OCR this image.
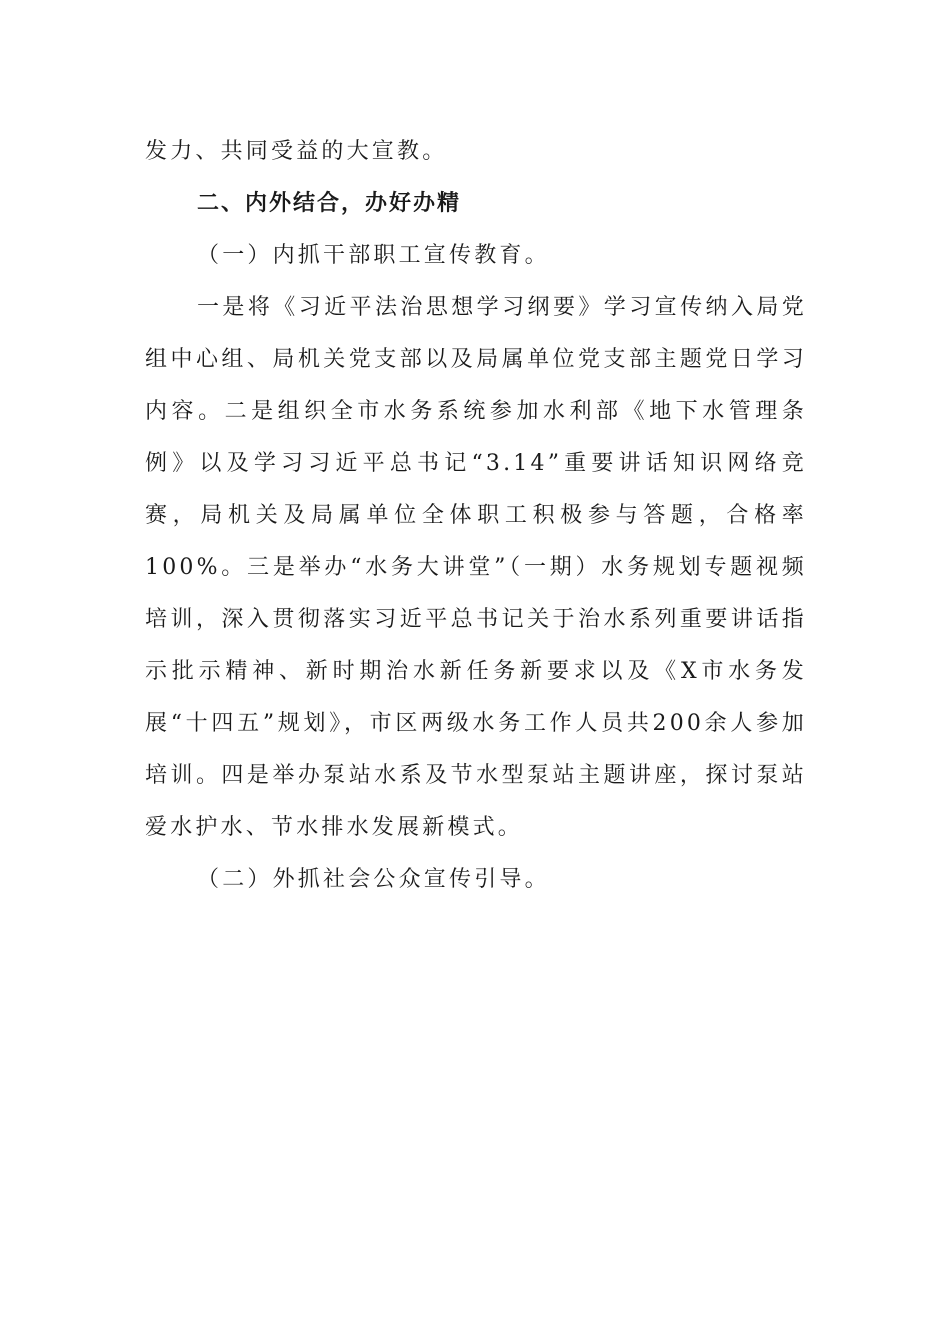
发力、共同受益的大宣教。

二、内外结合，办好办精

（一）内抓干部职工宣传教育。

一是将《习近平法治思想学习纲要》学习宣传纳入局党组中心组、局机关党支部以及局属单位党支部主题党日学习内容。二是组织全市水务系统参加水利部《地下水管理条例》以及学习习近平总书记“3.14”重要讲话知识网络竞赛，局机关及局属单位全体职工积极参与答题，合格率100%。三是举办“水务大讲堂”（一期）水务规划专题视频培训，深入贯彻落实习近平总书记关于治水系列重要讲话指示批示精神、新时期治水新任务新要求以及《X市水务发展“十四五”规划》，市区两级水务工作人员共200余人参加培训。四是举办泵站水系及节水型泵站主题讲座，探讨泵站爱水护水、节水排水发展新模式。

（二）外抓社会公众宣传引导。
